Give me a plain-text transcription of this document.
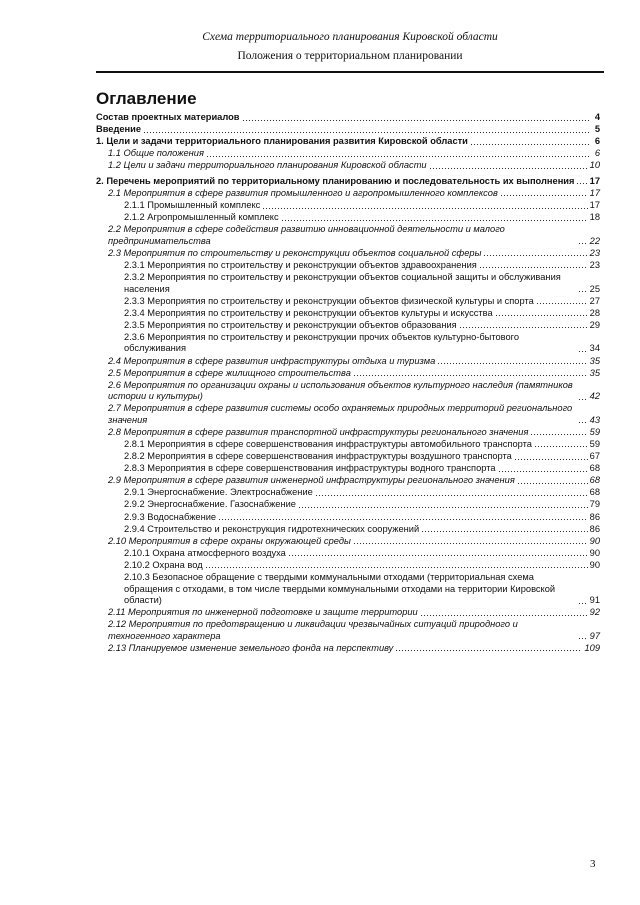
Схема территориального планирования Кировской области
Положения о территориальном планировании
Оглавление
Состав проектных материалов	4
Введение	5
1. Цели и задачи территориального планирования развития Кировской области	6
1.1 Общие положения	6
1.2 Цели и задачи территориального планирования Кировской области	10
2. Перечень мероприятий по территориальному планированию и последовательность их выполнения 17
2.1 Мероприятия в сфере развития промышленного и агропромышленного комплексов	17
2.1.1 Промышленный комплекс	17
2.1.2 Агропромышленный комплекс	18
2.2 Мероприятия в сфере содействия развитию инновационной деятельности и малого предпринимательства	22
2.3 Мероприятия по строительству и реконструкции объектов социальной сферы	23
2.3.1 Мероприятия по строительству и реконструкции объектов здравоохранения	23
2.3.2 Мероприятия по строительству и реконструкции объектов социальной защиты и обслуживания населения	25
2.3.3 Мероприятия по строительству и реконструкции объектов физической культуры и спорта	27
2.3.4 Мероприятия по строительству и реконструкции объектов культуры и искусства	28
2.3.5 Мероприятия по строительству и реконструкции объектов образования	29
2.3.6 Мероприятия по строительству и реконструкции прочих объектов культурно-бытового обслуживания	34
2.4 Мероприятия в сфере развития инфраструктуры отдыха и туризма	35
2.5 Мероприятия в сфере жилищного строительства	35
2.6 Мероприятия по организации охраны и использования объектов культурного наследия (памятников истории и культуры)	42
2.7 Мероприятия в сфере развития системы особо охраняемых природных территорий регионального значения	43
2.8 Мероприятия в сфере развития транспортной инфраструктуры регионального значения	59
2.8.1 Мероприятия в сфере совершенствования инфраструктуры автомобильного транспорта	59
2.8.2 Мероприятия в сфере совершенствования инфраструктуры воздушного транспорта	67
2.8.3 Мероприятия в сфере совершенствования инфраструктуры водного транспорта	68
2.9 Мероприятия в сфере развития инженерной инфраструктуры регионального значения	68
2.9.1 Энергоснабжение. Электроснабжение	68
2.9.2 Энергоснабжение. Газоснабжение	79
2.9.3 Водоснабжение	86
2.9.4 Строительство и реконструкция гидротехнических сооружений	86
2.10 Мероприятия в сфере охраны окружающей среды	90
2.10.1 Охрана атмосферного воздуха	90
2.10.2 Охрана вод	90
2.10.3 Безопасное обращение с твердыми коммунальными отходами (территориальная схема обращения с отходами, в том числе твердыми коммунальными отходами на территории Кировской области)	91
2.11 Мероприятия по инженерной подготовке и защите территории	92
2.12 Мероприятия по предотвращению и ликвидации чрезвычайных ситуаций природного и техногенного характера	97
2.13 Планируемое изменение земельного фонда на перспективу	109
3
